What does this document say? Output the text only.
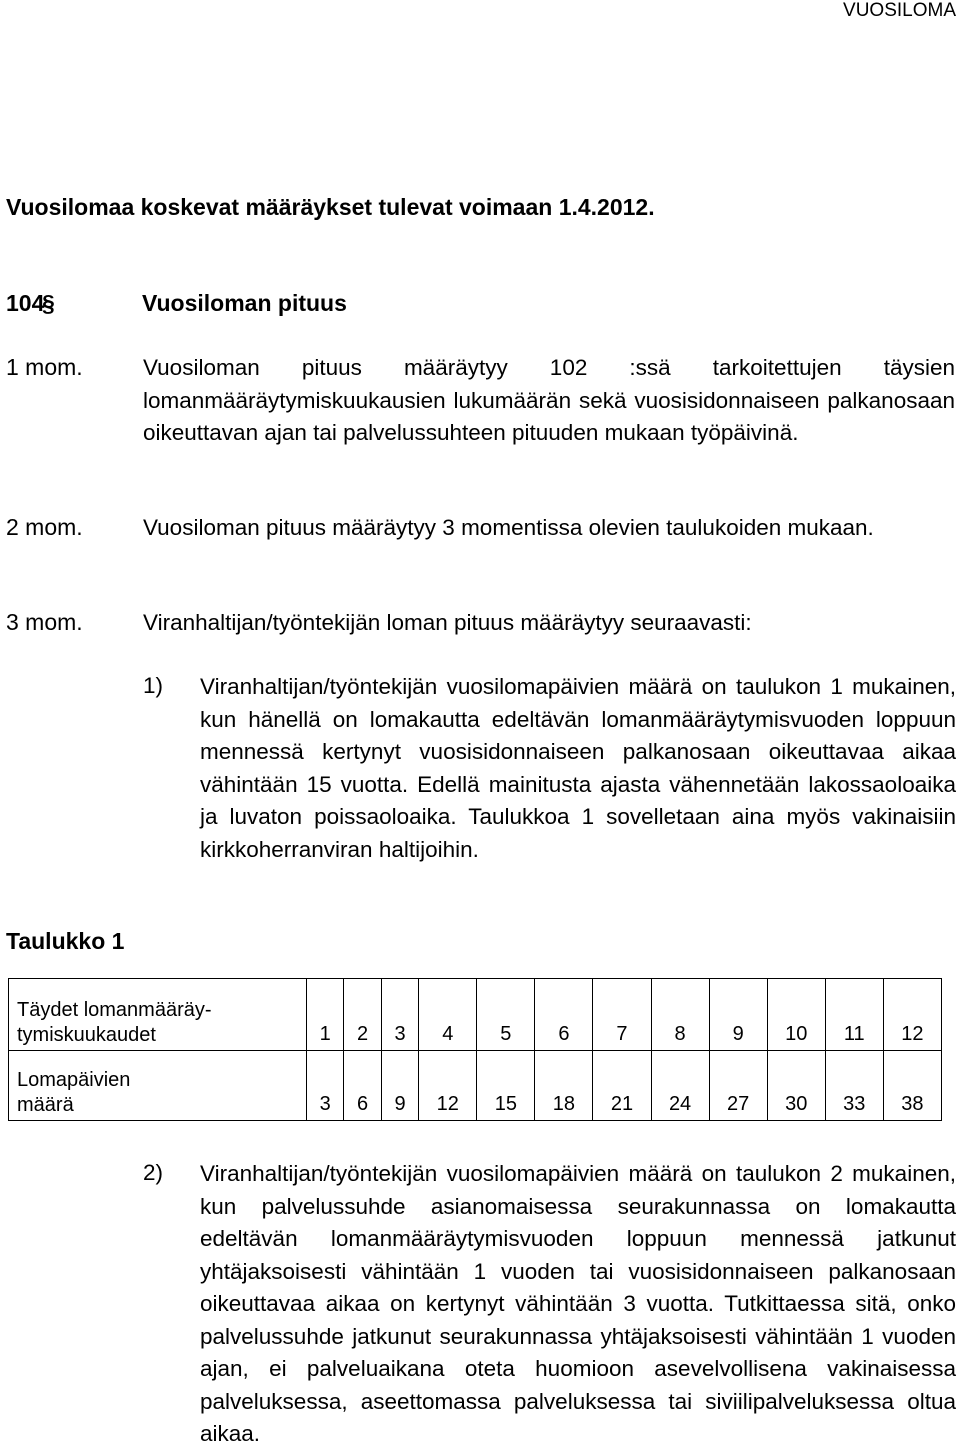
VUOSILOMA
Vuosilomaa koskevat määräykset tulevat voimaan 1.4.2012.
104§	Vuosiloman pituus
1 mom.	Vuosiloman pituus määräytyy 102 :ssä tarkoitettujen täysien lomanmääräytymiskuukausien lukumäärän sekä vuosisidonnaiseen palkanosaan oikeuttavan ajan tai palvelussuhteen pituuden mukaan työpäivinä.
2 mom.	Vuosiloman pituus määräytyy 3 momentissa olevien taulukoiden mukaan.
3 mom.	Viranhaltijan/työntekijän loman pituus määräytyy seuraavasti:
1) Viranhaltijan/työntekijän vuosilomapäivien määrä on taulukon 1 mukainen, kun hänellä on lomakautta edeltävän lomanmääräytymisvuoden loppuun mennessä kertynyt vuosisidonnaiseen palkanosaan oikeuttavaa aikaa vähintään 15 vuotta. Edellä mainitusta ajasta vähennetään lakossaoloaika ja luvaton poissaoloaika. Taulukkoa 1 sovelletaan aina myös vakinaisiin kirkkoherranviran haltijoihin.
Taulukko 1
Täydet lomanmääräy-
tymiskuukaudet	1	2	3	4	5	6	7	8	9	10	11	12
Lomapäivien
määrä	3	6	9	12	15	18	21	24	27	30	33	38
2) Viranhaltijan/työntekijän vuosilomapäivien määrä on taulukon 2 mukainen, kun palvelussuhde asianomaisessa seurakunnassa on lomakautta edeltävän lomanmääräytymisvuoden loppuun mennessä jatkunut yhtäjaksoisesti vähintään 1 vuoden tai vuosisidonnaiseen palkanosaan oikeuttavaa aikaa on kertynyt vähintään 3 vuotta. Tutkittaessa sitä, onko palvelussuhde jatkunut seurakunnassa yhtäjaksoisesti vähintään 1 vuoden ajan, ei palveluaikana oteta huomioon asevelvollisena vakinaisessa palveluksessa, aseettomassa palveluksessa tai siviilipalveluksessa oltua aikaa.
